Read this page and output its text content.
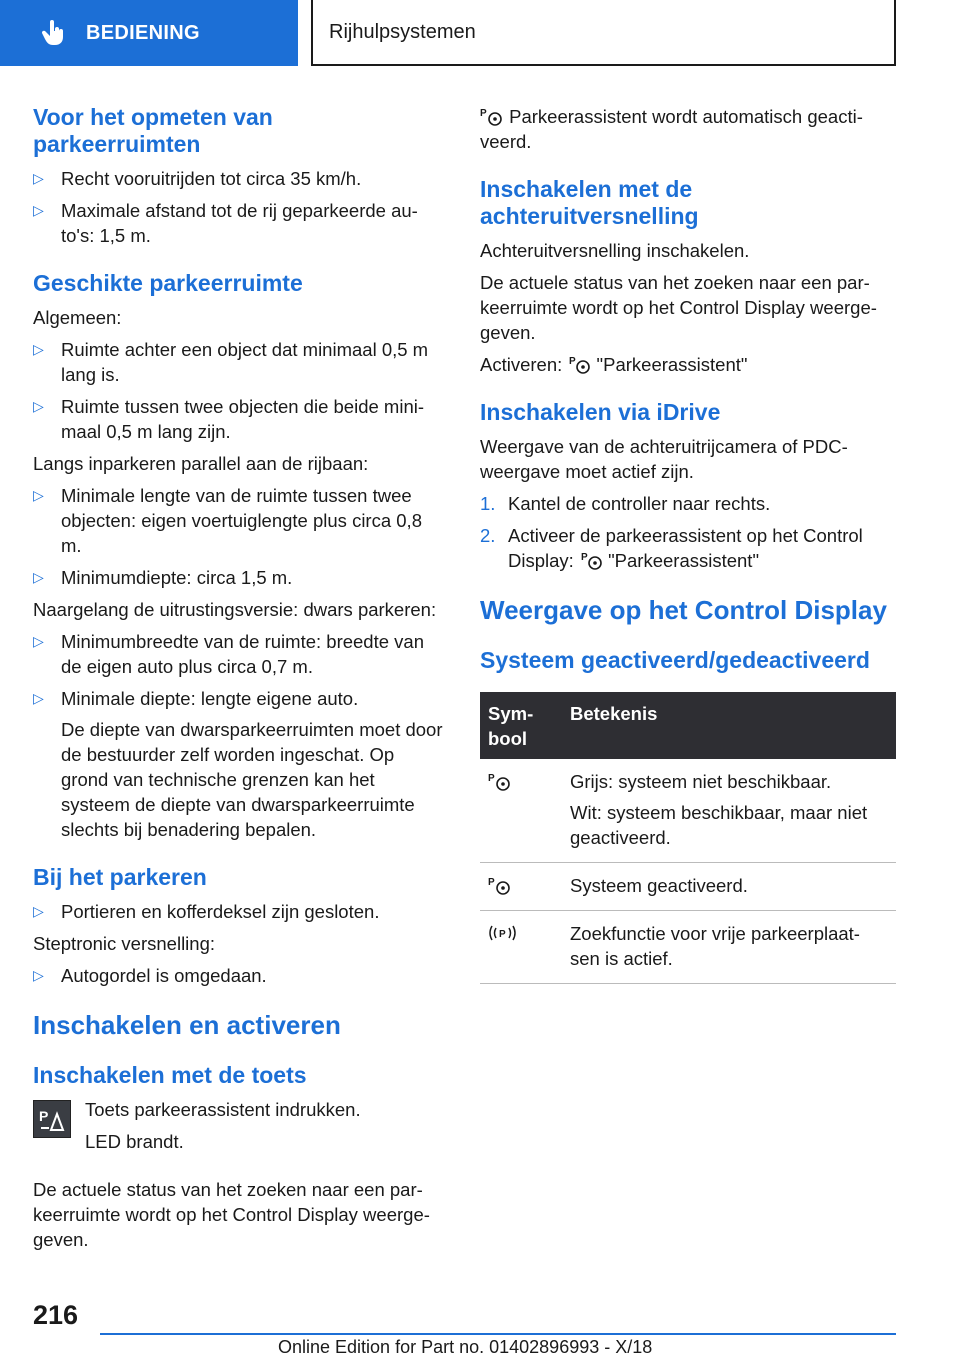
BEDIENING	Rijhulpsystemen
Voor het opmeten van parkeerruimten
▷ Recht vooruitrijden tot circa 35 km/h.
▷ Maximale afstand tot de rij geparkeerde au‐to's: 1,5 m.
Geschikte parkeerruimte

Algemeen:

▷ Ruimte achter een object dat minimaal 0,5 m lang is.
▷ Ruimte tussen twee objecten die beide mini‐maal 0,5 m lang zijn.

Langs inparkeren parallel aan de rijbaan:

▷ Minimale lengte van de ruimte tussen twee objecten: eigen voertuiglengte plus circa 0,8 m.
▷ Minimumdiepte: circa 1,5 m.

Naargelang de uitrustingsversie: dwars parkeren:

▷ Minimumbreedte van de ruimte: breedte van de eigen auto plus circa 0,7 m.
▷ Minimale diepte: lengte eigene auto.

De diepte van dwarsparkeerruimten moet door de bestuurder zelf worden ingeschat. Op grond van technische grenzen kan het systeem de diepte van dwarsparkeerruimte slechts bij benadering bepalen.

Bij het parkeren
▷ Portieren en kofferdeksel zijn gesloten.

Steptronic versnelling:

▷ Autogordel is omgedaan.
Inschakelen en activeren
Inschakelen met de toets
P Toets parkeerassistent indrukken.

LED brandt.

De actuele status van het zoeken naar een par‐keerruimte wordt op het Control Display weerge‐geven.

P Parkeerassistent wordt automatisch geacti‐veerd.

Inschakelen met de achteruitversnelling

Achteruitversnelling inschakelen.

De actuele status van het zoeken naar een par‐keerruimte wordt op het Control Display weerge‐geven.

Activeren: P "Parkeerassistent"

Inschakelen via iDrive

Weergave van de achteruitrijcamera of PDC-weergave moet actief zijn.

1. Kantel de controller naar rechts.
2. Activeer de parkeerassistent op het Control Display: P "Parkeerassistent"
Weergave op het Control Display
Systeem geactiveerd/gedeactiveerd
Sym‐bool	Betekenis

P	Grijs: systeem niet beschikbaar.

Wit: systeem beschikbaar, maar niet geactiveerd.

P	Systeem geactiveerd.

P	Zoekfunctie voor vrije parkeerplaat‐sen is actief.

216
Online Edition for Part no. 01402896993 - X/18
